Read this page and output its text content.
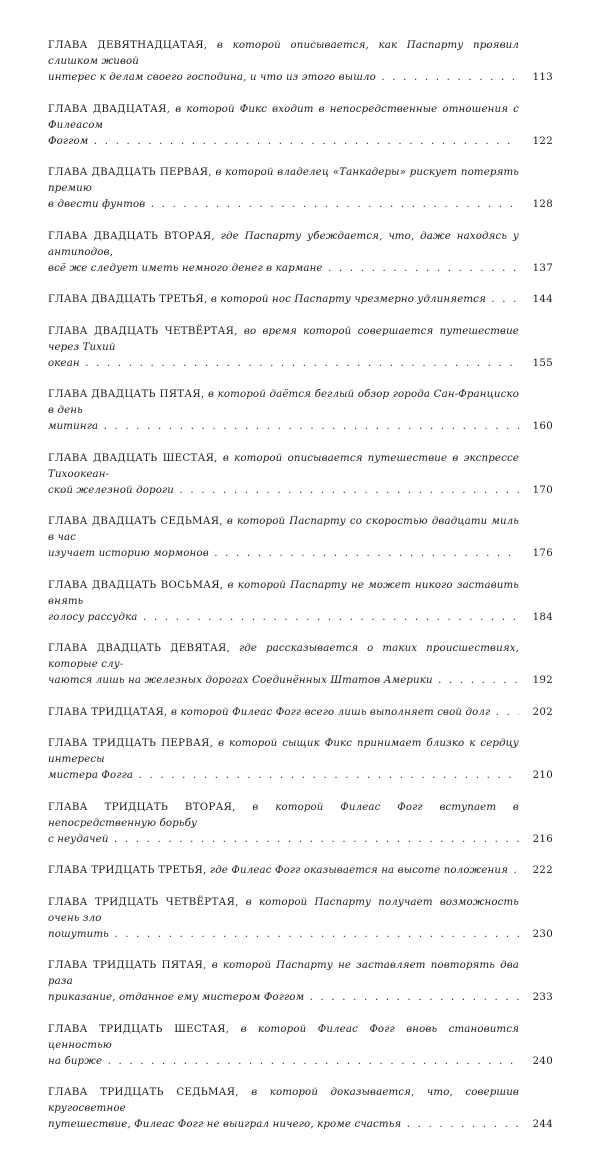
ГЛАВА ДЕВЯТНАДЦАТАЯ, в которой описывается, как Паспарту проявил слишком живой
интерес к делам своего господина, и что из этого вышло . . .	113
ГЛАВА ДВАДЦАТАЯ, в которой Фикс входит в непосредственные отношения с Филеасом
Фоггом . . .	122
ГЛАВА ДВАДЦАТЬ ПЕРВАЯ, в которой владелец «Танкадеры» рискует потерять премию
в двести фунтов . . .	128
ГЛАВА ДВАДЦАТЬ ВТОРАЯ, где Паспарту убеждается, что, даже находясь у антиподов,
всё же следует иметь немного денег в кармане . . .	137
ГЛАВА ДВАДЦАТЬ ТРЕТЬЯ, в которой нос Паспарту чрезмерно удлиняется . . .	144
ГЛАВА ДВАДЦАТЬ ЧЕТВЁРТАЯ, во время которой совершается путешествие через Тихий
океан . . .	155
ГЛАВА ДВАДЦАТЬ ПЯТАЯ, в которой даётся беглый обзор города Сан-Франциско в день
митинга . . .	160
ГЛАВА ДВАДЦАТЬ ШЕСТАЯ, в которой описывается путешествие в экспрессе Тихоокеан-
ской железной дороги . . .	170
ГЛАВА ДВАДЦАТЬ СЕДЬМАЯ, в которой Паспарту со скоростью двадцати миль в час
изучает историю мормонов . . .	176
ГЛАВА ДВАДЦАТЬ ВОСЬМАЯ, в которой Паспарту не может никого заставить внять
голосу рассудка . . .	184
ГЛАВА ДВАДЦАТЬ ДЕВЯТАЯ, где рассказывается о таких происшествиях, которые слу-
чаются лишь на железных дорогах Соединённых Штатов Америки . . .	192
ГЛАВА ТРИДЦАТАЯ, в которой Филеас Фогг всего лишь выполняет свой долг . . .	202
ГЛАВА ТРИДЦАТЬ ПЕРВАЯ, в которой сыщик Фикс принимает близко к сердцу интересы
мистера Фогга . . .	210
ГЛАВА ТРИДЦАТЬ ВТОРАЯ, в которой Филеас Фогг вступает в непосредственную борьбу
с неудачей . . .	216
ГЛАВА ТРИДЦАТЬ ТРЕТЬЯ, где Филеас Фогг оказывается на высоте положения . . .	222
ГЛАВА ТРИДЦАТЬ ЧЕТВЁРТАЯ, в которой Паспарту получает возможность очень зло
пошутить . . .	230
ГЛАВА ТРИДЦАТЬ ПЯТАЯ, в которой Паспарту не заставляет повторять два раза
приказание, отданное ему мистером Фоггом . . .	233
ГЛАВА ТРИДЦАТЬ ШЕСТАЯ, в которой Филеас Фогг вновь становится ценностью
на бирже . . .	240
ГЛАВА ТРИДЦАТЬ СЕДЬМАЯ, в которой доказывается, что, совершив кругосветное
путешествие, Филеас Фогг не выиграл ничего, кроме счастья . . .	244
